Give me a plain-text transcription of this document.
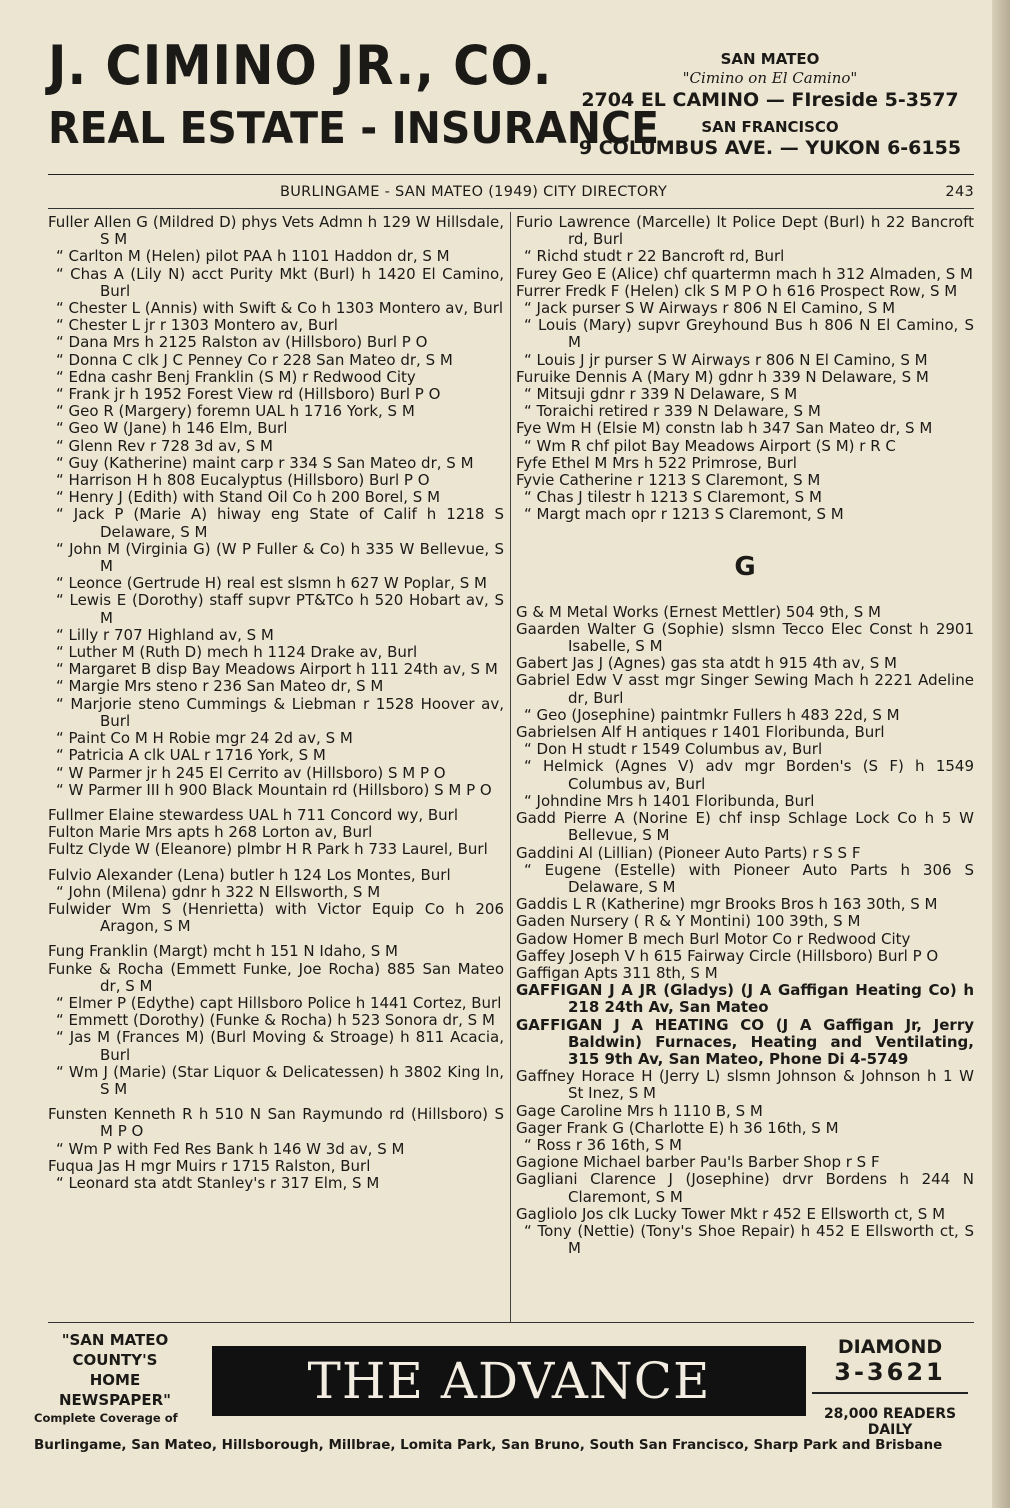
J. CIMINO JR., CO.
REAL ESTATE - INSURANCE
SAN MATEO
"Cimino on El Camino"
2704 EL CAMINO — FIreside 5-3577
SAN FRANCISCO
9 COLUMBUS AVE. — YUKON 6-6155
BURLINGAME - SAN MATEO (1949) CITY DIRECTORY	243
Fuller Allen G (Mildred D) phys Vets Admn h 129 W Hillsdale, S M
“ Carlton M (Helen) pilot PAA h 1101 Haddon dr, S M
“ Chas A (Lily N) acct Purity Mkt (Burl) h 1420 El Camino, Burl
“ Chester L (Annis) with Swift & Co h 1303 Montero av, Burl
“ Chester L jr r 1303 Montero av, Burl
“ Dana Mrs h 2125 Ralston av (Hillsboro) Burl P O
“ Donna C clk J C Penney Co r 228 San Mateo dr, S M
“ Edna cashr Benj Franklin (S M) r Redwood City
“ Frank jr h 1952 Forest View rd (Hillsboro) Burl P O
“ Geo R (Margery) foremn UAL h 1716 York, S M
“ Geo W (Jane) h 146 Elm, Burl
“ Glenn Rev r 728 3d av, S M
“ Guy (Katherine) maint carp r 334 S San Mateo dr, S M
“ Harrison H h 808 Eucalyptus (Hillsboro) Burl P O
“ Henry J (Edith) with Stand Oil Co h 200 Borel, S M
“ Jack P (Marie A) hiway eng State of Calif h 1218 S Delaware, S M
“ John M (Virginia G) (W P Fuller & Co) h 335 W Bellevue, S M
“ Leonce (Gertrude H) real est slsmn h 627 W Poplar, S M
“ Lewis E (Dorothy) staff supvr PT&TCo h 520 Hobart av, S M
“ Lilly r 707 Highland av, S M
“ Luther M (Ruth D) mech h 1124 Drake av, Burl
“ Margaret B disp Bay Meadows Airport h 111 24th av, S M
“ Margie Mrs steno r 236 San Mateo dr, S M
“ Marjorie steno Cummings & Liebman r 1528 Hoover av, Burl
“ Paint Co M H Robie mgr 24 2d av, S M
“ Patricia A clk UAL r 1716 York, S M
“ W Parmer jr h 245 El Cerrito av (Hillsboro) S M P O
“ W Parmer III h 900 Black Mountain rd (Hillsboro) S M P O
Fullmer Elaine stewardess UAL h 711 Concord wy, Burl
Fulton Marie Mrs apts h 268 Lorton av, Burl
Fultz Clyde W (Eleanore) plmbr H R Park h 733 Laurel, Burl
Fulvio Alexander (Lena) butler h 124 Los Montes, Burl
“ John (Milena) gdnr h 322 N Ellsworth, S M
Fulwider Wm S (Henrietta) with Victor Equip Co h 206 Aragon, S M
Fung Franklin (Margt) mcht h 151 N Idaho, S M
Funke & Rocha (Emmett Funke, Joe Rocha) 885 San Mateo dr, S M
“ Elmer P (Edythe) capt Hillsboro Police h 1441 Cortez, Burl
“ Emmett (Dorothy) (Funke & Rocha) h 523 Sonora dr, S M
“ Jas M (Frances M) (Burl Moving & Stroage) h 811 Acacia, Burl
“ Wm J (Marie) (Star Liquor & Delicatessen) h 3802 King ln, S M
Funsten Kenneth R h 510 N San Raymundo rd (Hillsboro) S M P O
“ Wm P with Fed Res Bank h 146 W 3d av, S M
Fuqua Jas H mgr Muirs r 1715 Ralston, Burl
“ Leonard sta atdt Stanley's r 317 Elm, S M
Furio Lawrence (Marcelle) lt Police Dept (Burl) h 22 Bancroft rd, Burl
“ Richd studt r 22 Bancroft rd, Burl
Furey Geo E (Alice) chf quartermn mach h 312 Almaden, S M
Furrer Fredk F (Helen) clk S M P O h 616 Prospect Row, S M
“ Jack purser S W Airways r 806 N El Camino, S M
“ Louis (Mary) supvr Greyhound Bus h 806 N El Camino, S M
“ Louis J jr purser S W Airways r 806 N El Camino, S M
Furuike Dennis A (Mary M) gdnr h 339 N Delaware, S M
“ Mitsuji gdnr r 339 N Delaware, S M
“ Toraichi retired r 339 N Delaware, S M
Fye Wm H (Elsie M) constn lab h 347 San Mateo dr, S M
“ Wm R chf pilot Bay Meadows Airport (S M) r R C
Fyfe Ethel M Mrs h 522 Primrose, Burl
Fyvie Catherine r 1213 S Claremont, S M
“ Chas J tilestr h 1213 S Claremont, S M
“ Margt mach opr r 1213 S Claremont, S M
G
G & M Metal Works (Ernest Mettler) 504 9th, S M
Gaarden Walter G (Sophie) slsmn Tecco Elec Const h 2901 Isabelle, S M
Gabert Jas J (Agnes) gas sta atdt h 915 4th av, S M
Gabriel Edw V asst mgr Singer Sewing Mach h 2221 Adeline dr, Burl
“ Geo (Josephine) paintmkr Fullers h 483 22d, S M
Gabrielsen Alf H antiques r 1401 Floribunda, Burl
“ Don H studt r 1549 Columbus av, Burl
“ Helmick (Agnes V) adv mgr Borden's (S F) h 1549 Columbus av, Burl
“ Johndine Mrs h 1401 Floribunda, Burl
Gadd Pierre A (Norine E) chf insp Schlage Lock Co h 5 W Bellevue, S M
Gaddini Al (Lillian) (Pioneer Auto Parts) r S S F
“ Eugene (Estelle) with Pioneer Auto Parts h 306 S Delaware, S M
Gaddis L R (Katherine) mgr Brooks Bros h 163 30th, S M
Gaden Nursery ( R & Y Montini) 100 39th, S M
Gadow Homer B mech Burl Motor Co r Redwood City
Gaffey Joseph V h 615 Fairway Circle (Hillsboro) Burl P O
Gaffigan Apts 311 8th, S M
GAFFIGAN J A JR (Gladys) (J A Gaffigan Heating Co) h 218 24th Av, San Mateo
GAFFIGAN J A HEATING CO (J A Gaffigan Jr, Jerry Baldwin) Furnaces, Heating and Ventilating, 315 9th Av, San Mateo, Phone Di 4-5749
Gaffney Horace H (Jerry L) slsmn Johnson & Johnson h 1 W St Inez, S M
Gage Caroline Mrs h 1110 B, S M
Gager Frank G (Charlotte E) h 36 16th, S M
“ Ross r 36 16th, S M
Gagione Michael barber Pau'ls Barber Shop r S F
Gagliani Clarence J (Josephine) drvr Bordens h 244 N Claremont, S M
Gagliolo Jos clk Lucky Tower Mkt r 452 E Ellsworth ct, S M
“ Tony (Nettie) (Tony's Shoe Repair) h 452 E Ellsworth ct, S M
"SAN MATEO
COUNTY'S
HOME
NEWSPAPER"
Complete Coverage of
THE ADVANCE
DIAMOND
3-3621
28,000 READERS
DAILY
Burlingame, San Mateo, Hillsborough, Millbrae, Lomita Park, San Bruno, South San Francisco, Sharp Park and Brisbane
